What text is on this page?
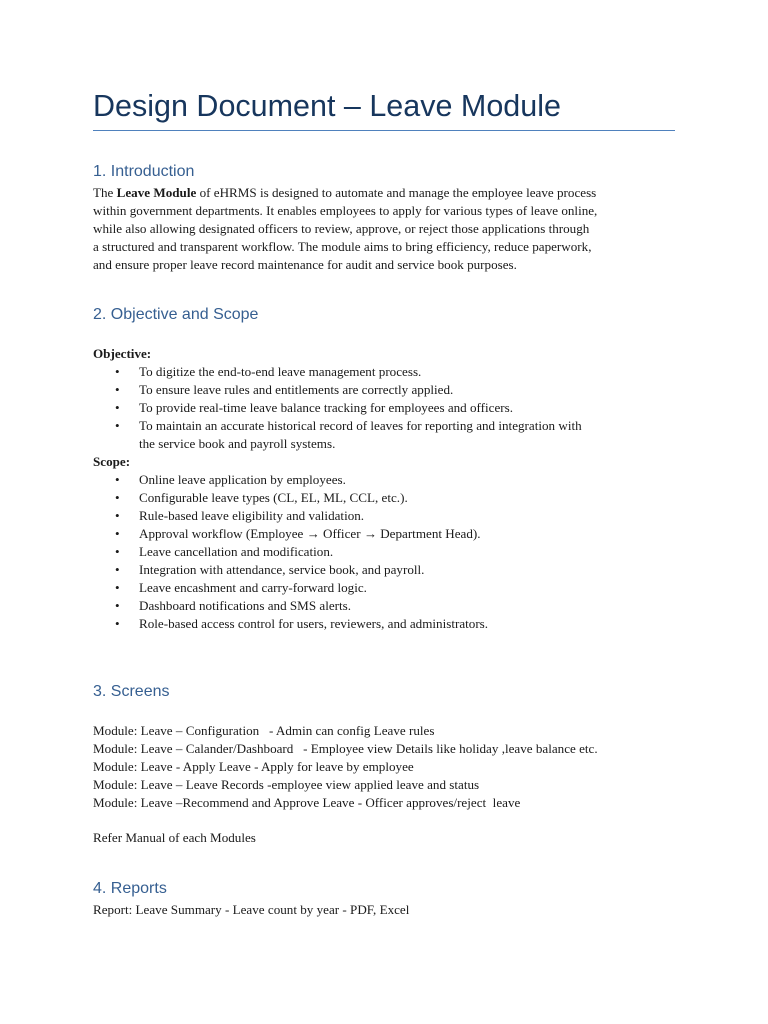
Design Document – Leave Module
1. Introduction
The Leave Module of eHRMS is designed to automate and manage the employee leave process
within government departments. It enables employees to apply for various types of leave online,
while also allowing designated officers to review, approve, or reject those applications through
a structured and transparent workflow. The module aims to bring efficiency, reduce paperwork,
and ensure proper leave record maintenance for audit and service book purposes.
2. Objective and Scope
Objective:
• To digitize the end-to-end leave management process.
• To ensure leave rules and entitlements are correctly applied.
• To provide real-time leave balance tracking for employees and officers.
• To maintain an accurate historical record of leaves for reporting and integration with
the service book and payroll systems.
Scope:
• Online leave application by employees.
• Configurable leave types (CL, EL, ML, CCL, etc.).
• Rule-based leave eligibility and validation.
• Approval workflow (Employee → Officer → Department Head).
• Leave cancellation and modification.
• Integration with attendance, service book, and payroll.
• Leave encashment and carry-forward logic.
• Dashboard notifications and SMS alerts.
• Role-based access control for users, reviewers, and administrators.
3. Screens
Module: Leave – Configuration   - Admin can config Leave rules
Module: Leave – Calander/Dashboard   - Employee view Details like holiday ,leave balance etc.
Module: Leave - Apply Leave - Apply for leave by employee
Module: Leave – Leave Records -employee view applied leave and status
Module: Leave –Recommend and Approve Leave - Officer approves/reject  leave
Refer Manual of each Modules
4. Reports
Report: Leave Summary - Leave count by year - PDF, Excel
